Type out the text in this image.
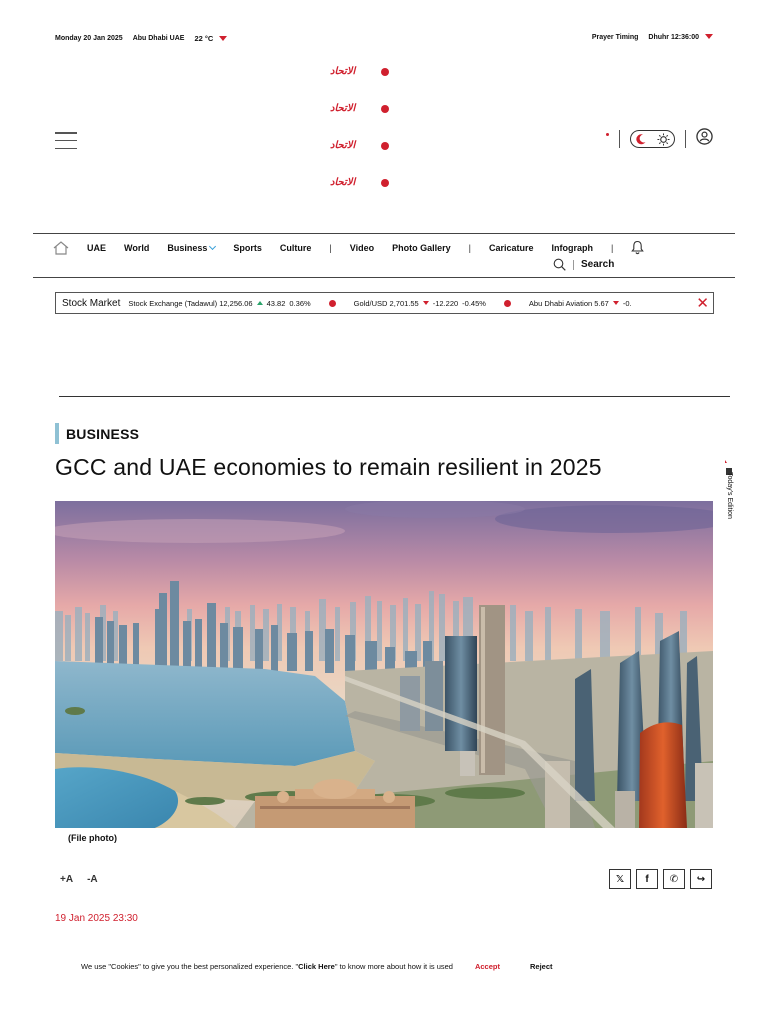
Monday 20 Jan 2025 Abu Dhabi UAE 22 °C	Prayer Timing Dhuhr 12:36:00
الاتحاد
الاتحاد
الاتحاد
الاتحاد
UAE World Business	Sports Culture | Video Photo Gallery | Caricature Infograph |
Search
Stock Market	Stock Exchange (Tadawul) 12,256.06 43.82 0.36%	Gold/USD 2,701.55 -12.220 -0.45%	Abu Dhabi Aviation 5.67 -0.	✕
BUSINESS
GCC and UAE economies to remain resilient in 2025
Today's Edition
(File photo)
+A -A	𝕏 f ✆ ↪
19 Jan 2025 23:30
We use "Cookies" to give you the best personalized experience. "Click Here" to know more about how it is used	Accept	Reject
